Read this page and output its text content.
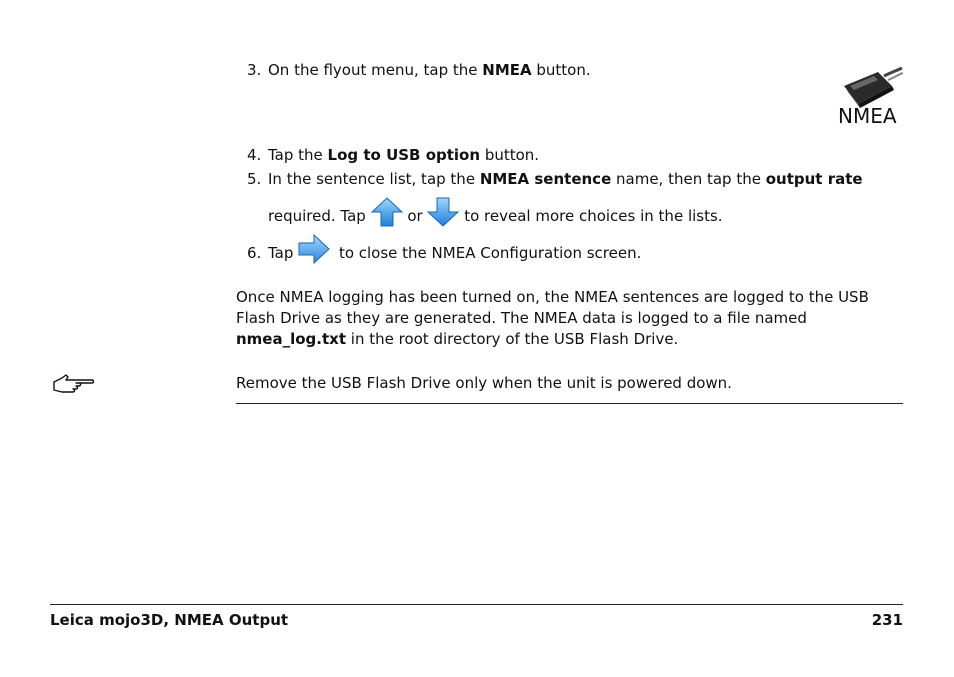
3. On the flyout menu, tap the NMEA button.
NMEA
4. Tap the Log to USB option button.
5. In the sentence list, tap the NMEA sentence name, then tap the output rate
required. Tap  or  to reveal more choices in the lists.
6. Tap  to close the NMEA Configuration screen.
Once NMEA logging has been turned on, the NMEA sentences are logged to the USB
Flash Drive as they are generated. The NMEA data is logged to a file named
nmea_log.txt in the root directory of the USB Flash Drive.
Remove the USB Flash Drive only when the unit is powered down.
Leica mojo3D, NMEA Output	231
